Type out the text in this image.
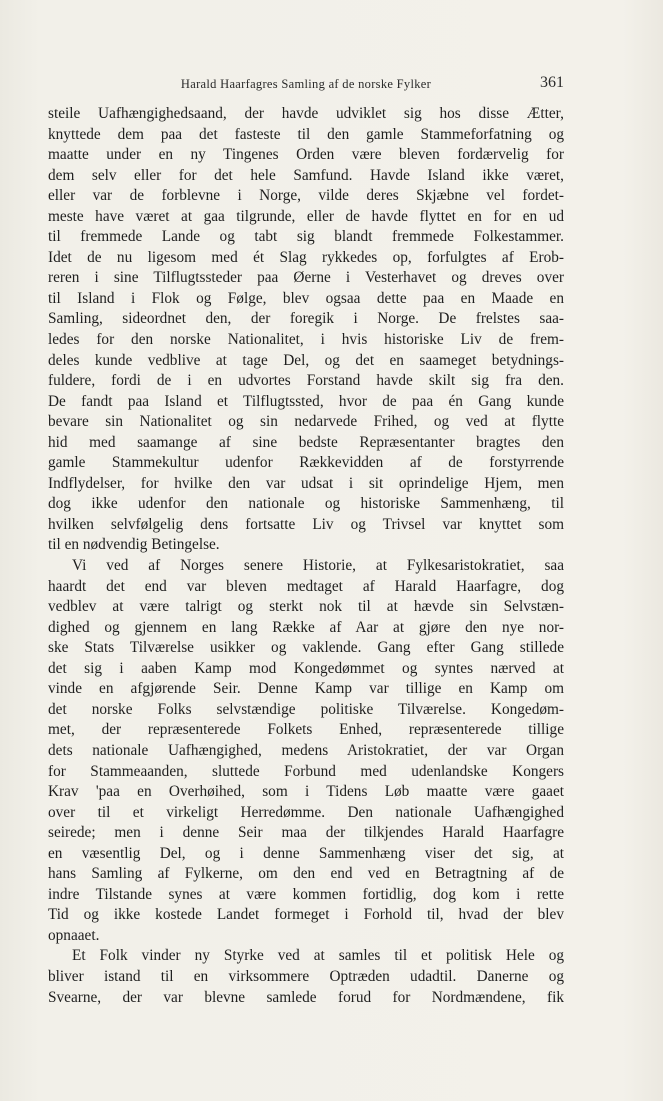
Harald Haarfagres Samling af de norske Fylker	361
steile Uafhængighedsaand, der havde udviklet sig hos disse Ætter,
knyttede dem paa det fasteste til den gamle Stammeforfatning og
maatte under en ny Tingenes Orden være bleven fordærvelig for
dem selv eller for det hele Samfund. Havde Island ikke været,
eller var de forblevne i Norge, vilde deres Skjæbne vel fordet-
meste have været at gaa tilgrunde, eller de havde flyttet en for en ud
til fremmede Lande og tabt sig blandt fremmede Folkestammer.
Idet de nu ligesom med ét Slag rykkedes op, forfulgtes af Erob-
reren i sine Tilflugtssteder paa Øerne i Vesterhavet og dreves over
til Island i Flok og Følge, blev ogsaa dette paa en Maade en
Samling, sideordnet den, der foregik i Norge. De frelstes saa-
ledes for den norske Nationalitet, i hvis historiske Liv de frem-
deles kunde vedblive at tage Del, og det en saameget betydnings-
fuldere, fordi de i en udvortes Forstand havde skilt sig fra den.
De fandt paa Island et Tilflugtssted, hvor de paa én Gang kunde
bevare sin Nationalitet og sin nedarvede Frihed, og ved at flytte
hid med saamange af sine bedste Repræsentanter bragtes den
gamle Stammekultur udenfor Rækkevidden af de forstyrrende
Indflydelser, for hvilke den var udsat i sit oprindelige Hjem, men
dog ikke udenfor den nationale og historiske Sammenhæng, til
hvilken selvfølgelig dens fortsatte Liv og Trivsel var knyttet som
til en nødvendig Betingelse.
Vi ved af Norges senere Historie, at Fylkesaristokratiet, saa
haardt det end var bleven medtaget af Harald Haarfagre, dog
vedblev at være talrigt og sterkt nok til at hævde sin Selvstæn-
dighed og gjennem en lang Række af Aar at gjøre den nye nor-
ske Stats Tilværelse usikker og vaklende. Gang efter Gang stillede
det sig i aaben Kamp mod Kongedømmet og syntes nærved at
vinde en afgjørende Seir. Denne Kamp var tillige en Kamp om
det norske Folks selvstændige politiske Tilværelse. Kongedøm-
met, der repræsenterede Folkets Enhed, repræsenterede tillige
dets nationale Uafhængighed, medens Aristokratiet, der var Organ
for Stammeaanden, sluttede Forbund med udenlandske Kongers
Krav 'paa en Overhøihed, som i Tidens Løb maatte være gaaet
over til et virkeligt Herredømme. Den nationale Uafhængighed
seirede; men i denne Seir maa der tilkjendes Harald Haarfagre
en væsentlig Del, og i denne Sammenhæng viser det sig, at
hans Samling af Fylkerne, om den end ved en Betragtning af de
indre Tilstande synes at være kommen fortidlig, dog kom i rette
Tid og ikke kostede Landet formeget i Forhold til, hvad der blev
opnaaet.
Et Folk vinder ny Styrke ved at samles til et politisk Hele og
bliver istand til en virksommere Optræden udadtil. Danerne og
Svearne, der var blevne samlede forud for Nordmændene, fik
